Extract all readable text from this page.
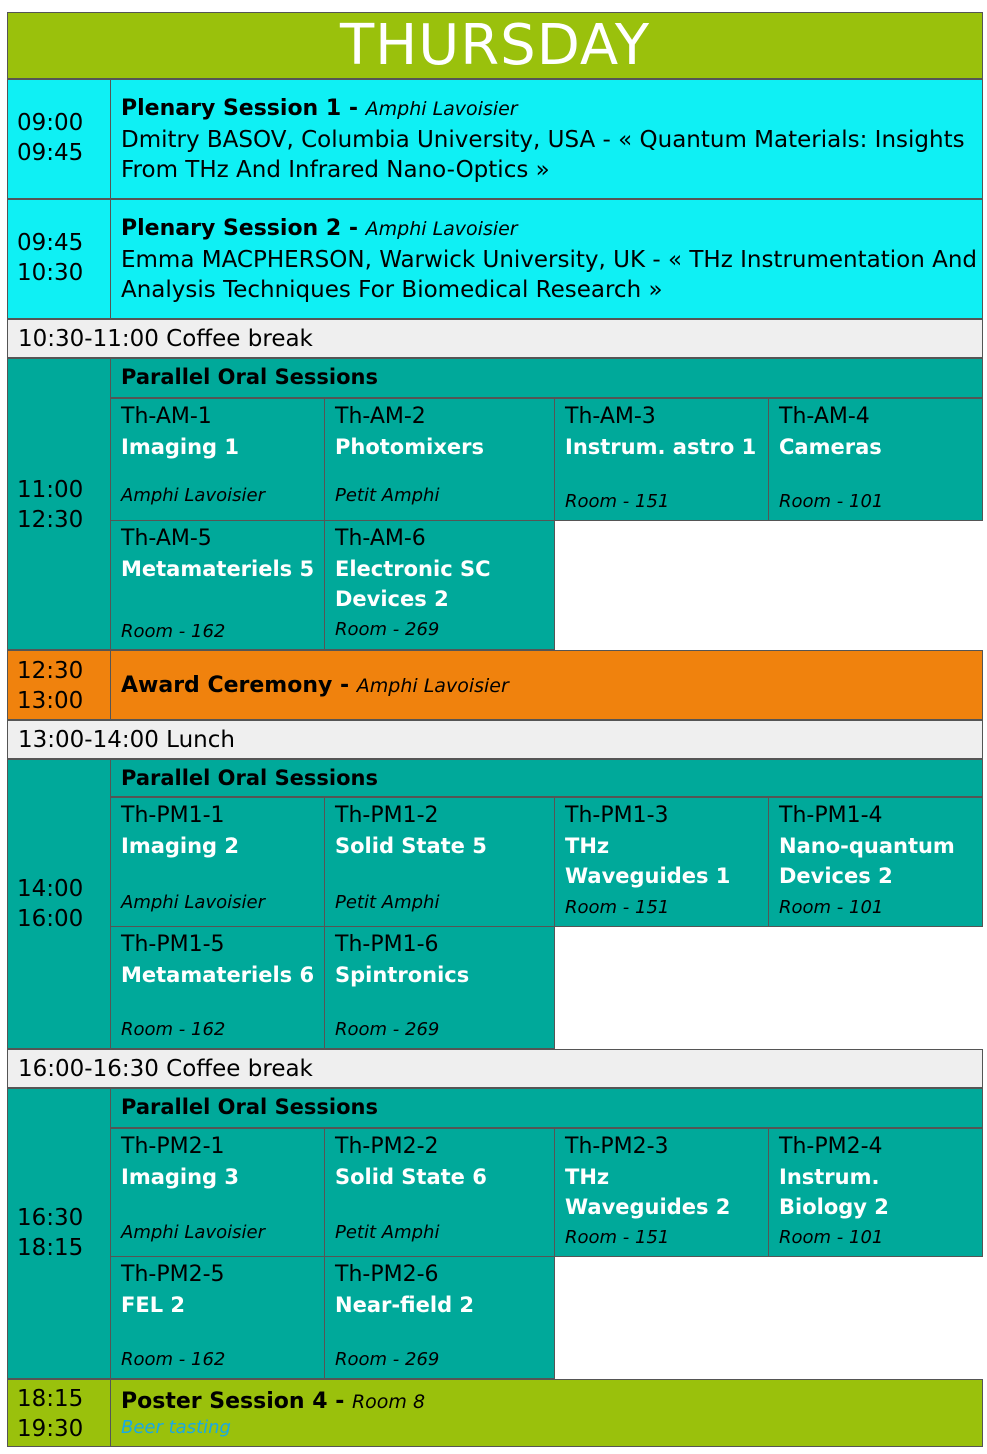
THURSDAY
09:00
09:45
Plenary Session 1 - Amphi Lavoisier
Dmitry BASOV, Columbia University, USA - « Quantum Materials: Insights
From THz And Infrared Nano-Optics »
09:45
10:30
Plenary Session 2 - Amphi Lavoisier
Emma MACPHERSON, Warwick University, UK - « THz Instrumentation And
Analysis Techniques For Biomedical Research »
10:30-11:00 Coffee break
11:00
12:30
Parallel Oral Sessions
Th-AM-1
Imaging 1
Amphi Lavoisier
Th-AM-2
Photomixers
Petit Amphi
Th-AM-3
Instrum. astro 1
Room - 151
Th-AM-4
Cameras
Room - 101
Th-AM-5
Metamateriels 5
Room - 162
Th-AM-6
Electronic SC
Devices 2
Room - 269
12:30
13:00
Award Ceremony - Amphi Lavoisier
13:00-14:00 Lunch
14:00
16:00
Parallel Oral Sessions
Th-PM1-1
Imaging 2
Amphi Lavoisier
Th-PM1-2
Solid State 5
Petit Amphi
Th-PM1-3
THz
Waveguides 1
Room - 151
Th-PM1-4
Nano-quantum
Devices 2
Room - 101
Th-PM1-5
Metamateriels 6
Room - 162
Th-PM1-6
Spintronics
Room - 269
16:00-16:30 Coffee break
16:30
18:15
Parallel Oral Sessions
Th-PM2-1
Imaging 3
Amphi Lavoisier
Th-PM2-2
Solid State 6
Petit Amphi
Th-PM2-3
THz
Waveguides 2
Room - 151
Th-PM2-4
Instrum.
Biology 2
Room - 101
Th-PM2-5
FEL 2
Room - 162
Th-PM2-6
Near-field 2
Room - 269
18:15
19:30
Poster Session 4 - Room 8
Beer tasting
